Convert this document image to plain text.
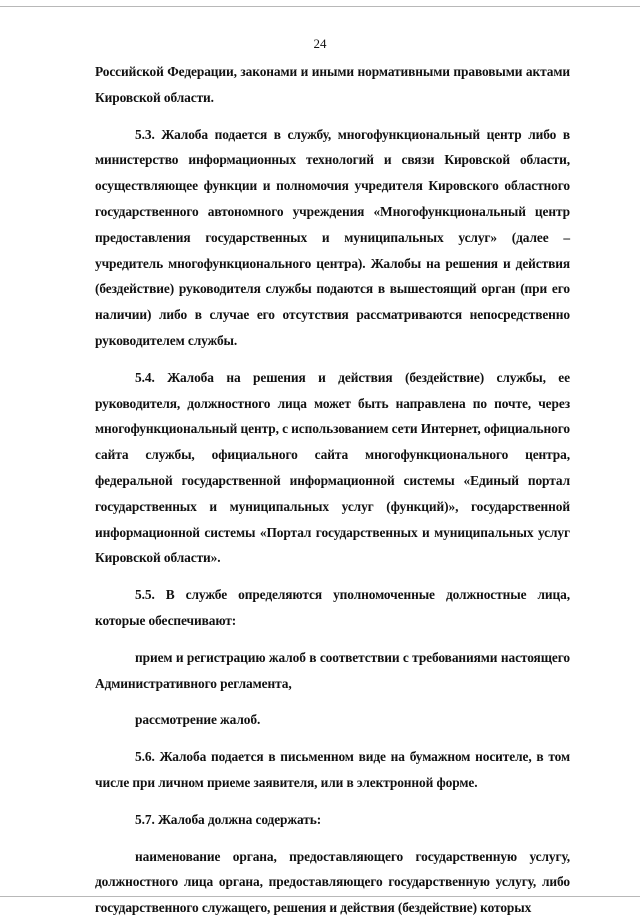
24

Российской Федерации, законами и иными нормативными правовыми актами Кировской области.

5.3. Жалоба подается в службу, многофункциональный центр либо в министерство информационных технологий и связи Кировской области, осуществляющее функции и полномочия учредителя Кировского областного государственного автономного учреждения «Многофункциональный центр предоставления государственных и муниципальных услуг» (далее – учредитель многофункционального центра). Жалобы на решения и действия (бездействие) руководителя службы подаются в вышестоящий орган (при его наличии) либо в случае его отсутствия рассматриваются непосредственно руководителем службы.

5.4. Жалоба на решения и действия (бездействие) службы, ее руководителя, должностного лица может быть направлена по почте, через многофункциональный центр, с использованием сети Интернет, официального сайта службы, официального сайта многофункционального центра, федеральной государственной информационной системы «Единый портал государственных и муниципальных услуг (функций)», государственной информационной системы «Портал государственных и муниципальных услуг Кировской области».

5.5. В службе определяются уполномоченные должностные лица, которые обеспечивают:

прием и регистрацию жалоб в соответствии с требованиями настоящего Административного регламента,

рассмотрение жалоб.

5.6. Жалоба подается в письменном виде на бумажном носителе, в том числе при личном приеме заявителя, или в электронной форме.

5.7. Жалоба должна содержать:

наименование органа, предоставляющего государственную услугу, должностного лица органа, предоставляющего государственную услугу, либо государственного служащего, решения и действия (бездействие) которых
